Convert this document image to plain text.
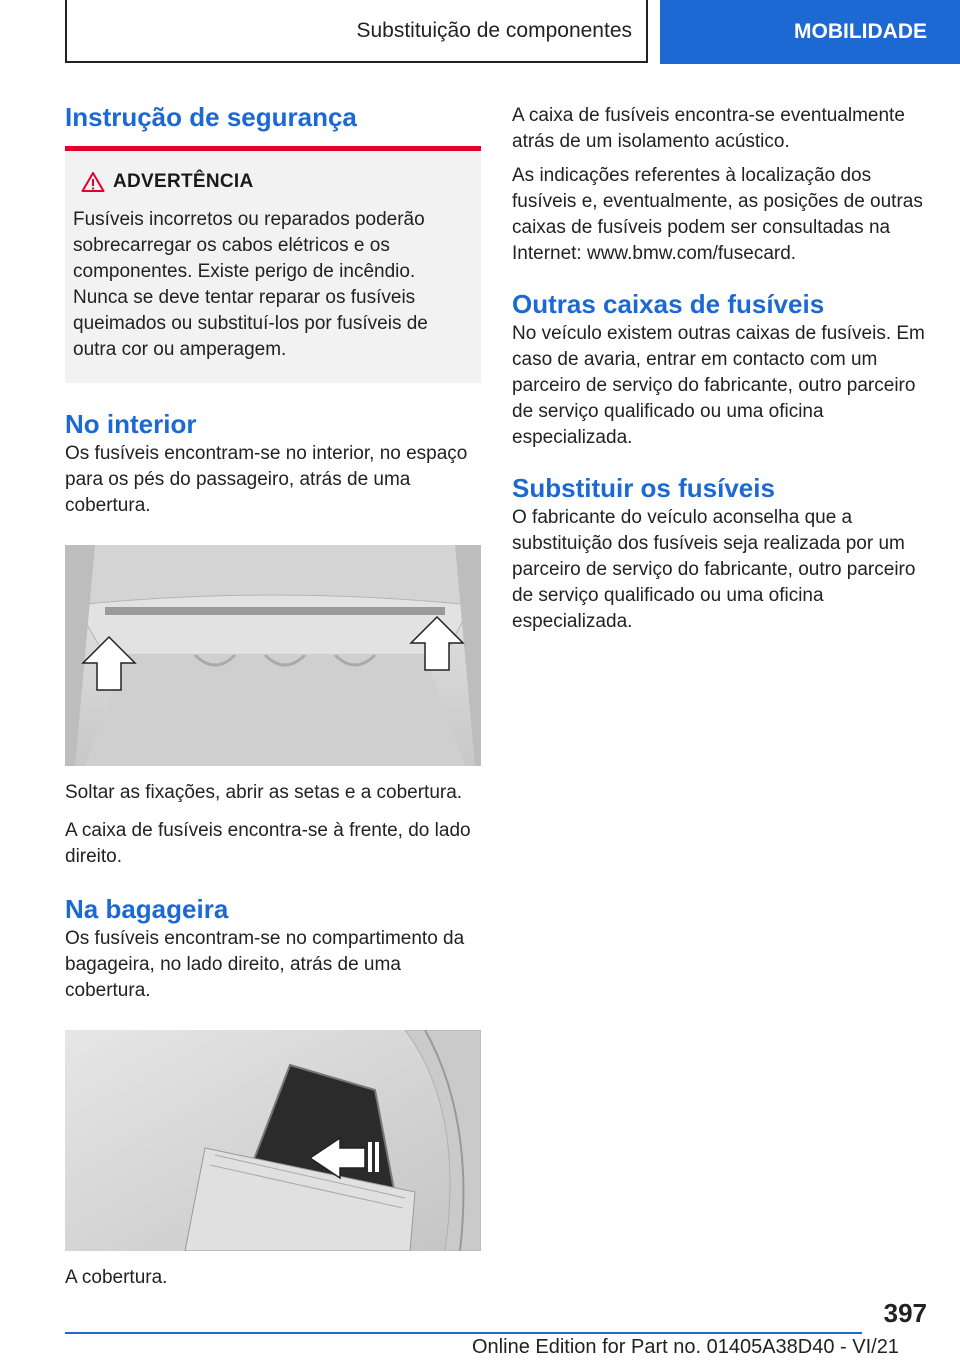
Substituição de componentes	MOBILIDADE
Instrução de segurança
ADVERTÊNCIA
Fusíveis incorretos ou reparados poderão sobrecarregar os cabos elétricos e os componentes. Existe perigo de incêndio. Nunca se deve tentar reparar os fusíveis queimados ou substituí-los por fusíveis de outra cor ou amperagem.
No interior

Os fusíveis encontram-se no interior, no espaço para os pés do passageiro, atrás de uma cobertura.

Soltar as fixações, abrir as setas e a cobertura.

A caixa de fusíveis encontra-se à frente, do lado direito.

Na bagageira

Os fusíveis encontram-se no compartimento da bagageira, no lado direito, atrás de uma cobertura.

A cobertura.

A caixa de fusíveis encontra-se eventualmente atrás de um isolamento acústico.

As indicações referentes à localização dos fusíveis e, eventualmente, as posições de outras caixas de fusíveis podem ser consultadas na Internet: www.bmw.com/fusecard.

Outras caixas de fusíveis

No veículo existem outras caixas de fusíveis. Em caso de avaria, entrar em contacto com um parceiro de serviço do fabricante, outro parceiro de serviço qualificado ou uma oficina especializada.

Substituir os fusíveis

O fabricante do veículo aconselha que a substituição dos fusíveis seja realizada por um parceiro de serviço do fabricante, outro parceiro de serviço qualificado ou uma oficina especializada.

397
Online Edition for Part no. 01405A38D40 - VI/21
